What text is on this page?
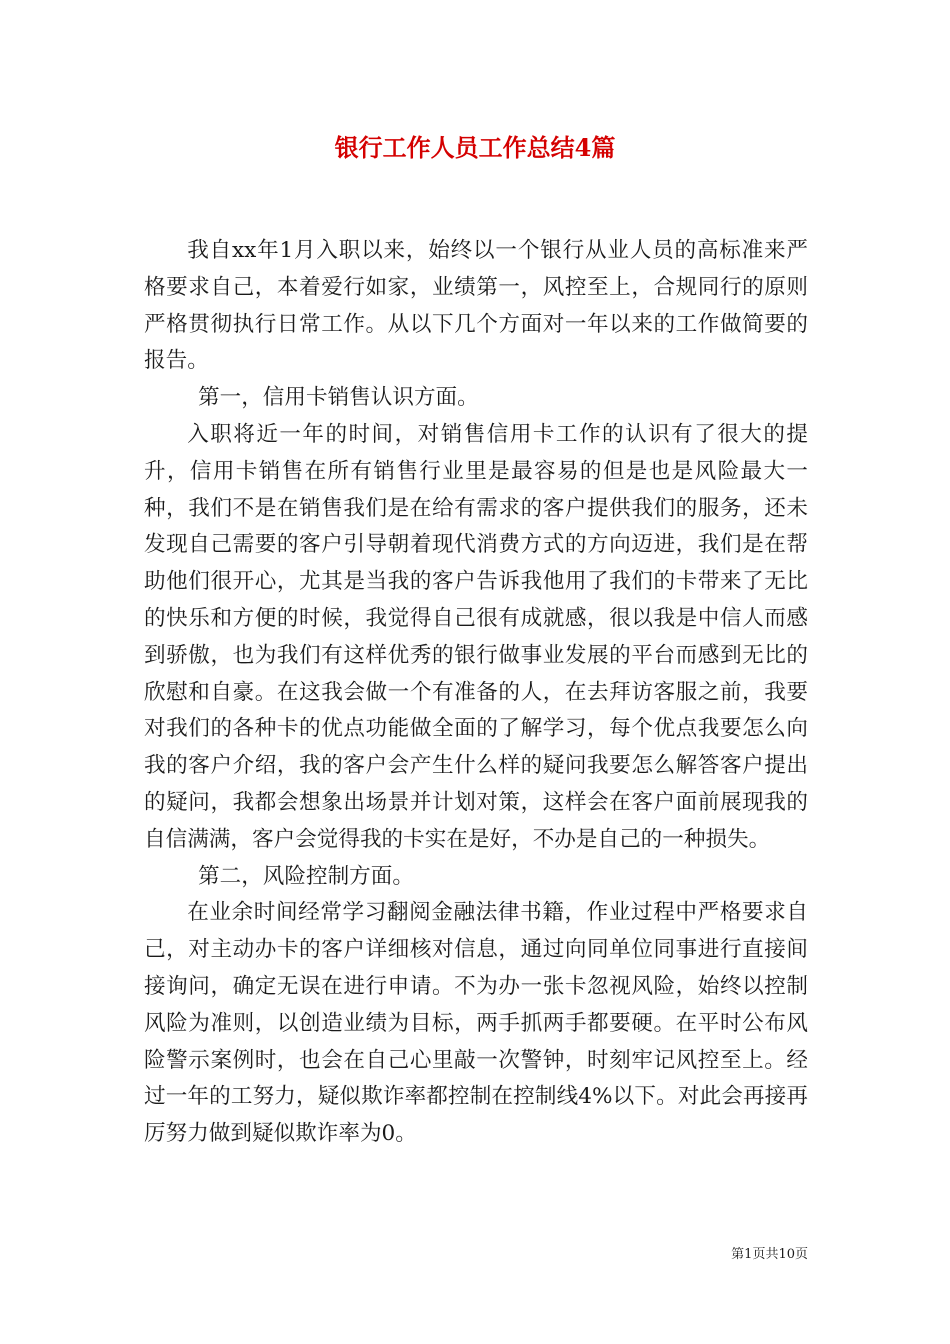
银行工作人员工作总结4篇

我自xx年1月入职以来，始终以一个银行从业人员的高标准来严格要求自己，本着爱行如家，业绩第一，风控至上，合规同行的原则严格贯彻执行日常工作。从以下几个方面对一年以来的工作做简要的报告。

第一，信用卡销售认识方面。

入职将近一年的时间，对销售信用卡工作的认识有了很大的提升，信用卡销售在所有销售行业里是最容易的但是也是风险最大一种，我们不是在销售我们是在给有需求的客户提供我们的服务，还未发现自己需要的客户引导朝着现代消费方式的方向迈进，我们是在帮助他们很开心，尤其是当我的客户告诉我他用了我们的卡带来了无比的快乐和方便的时候，我觉得自己很有成就感，很以我是中信人而感到骄傲，也为我们有这样优秀的银行做事业发展的平台而感到无比的欣慰和自豪。在这我会做一个有准备的人，在去拜访客服之前，我要对我们的各种卡的优点功能做全面的了解学习，每个优点我要怎么向我的客户介绍，我的客户会产生什么样的疑问我要怎么解答客户提出的疑问，我都会想象出场景并计划对策，这样会在客户面前展现我的自信满满，客户会觉得我的卡实在是好，不办是自己的一种损失。

第二，风险控制方面。

在业余时间经常学习翻阅金融法律书籍，作业过程中严格要求自己，对主动办卡的客户详细核对信息，通过向同单位同事进行直接间接询问，确定无误在进行申请。不为办一张卡忽视风险，始终以控制风险为准则，以创造业绩为目标，两手抓两手都要硬。在平时公布风险警示案例时，也会在自己心里敲一次警钟，时刻牢记风控至上。经过一年的工努力，疑似欺诈率都控制在控制线4%以下。对此会再接再厉努力做到疑似欺诈率为0。

第1页共10页
